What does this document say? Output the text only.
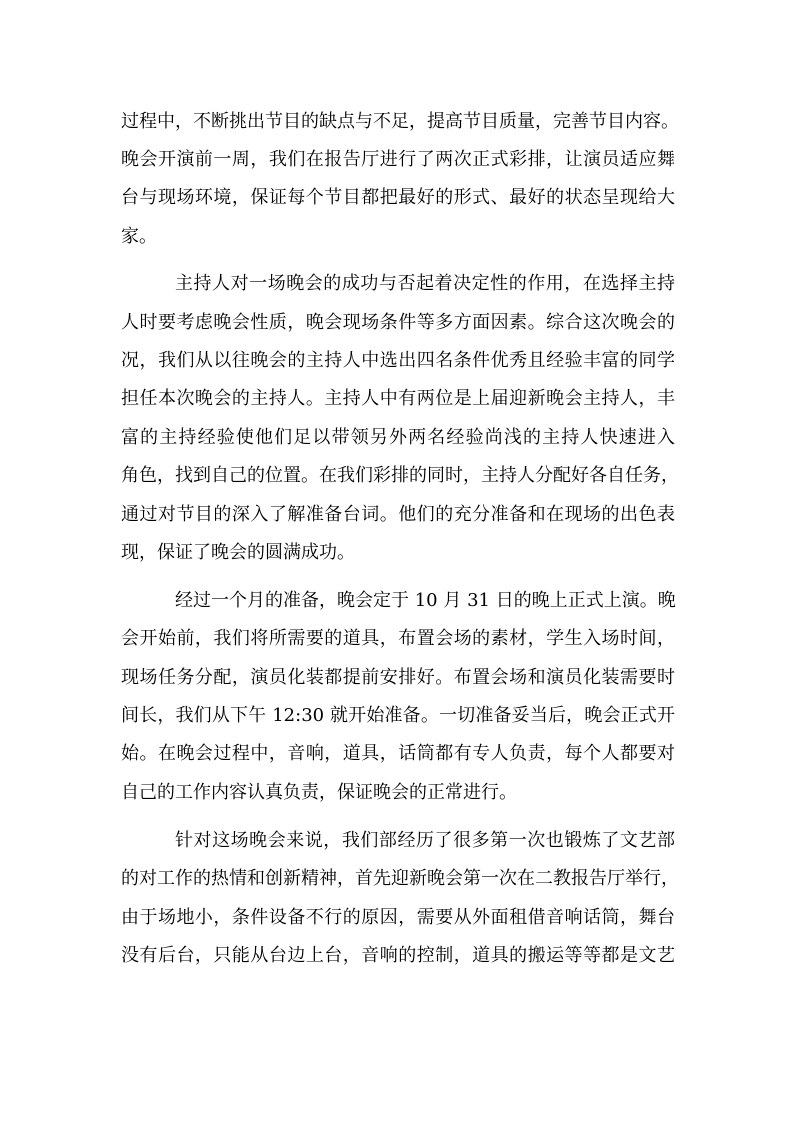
过程中，不断挑出节目的缺点与不足，提高节目质量，完善节目内容。
晚会开演前一周，我们在报告厅进行了两次正式彩排，让演员适应舞
台与现场环境，保证每个节目都把最好的形式、最好的状态呈现给大
家。
主持人对一场晚会的成功与否起着决定性的作用，在选择主持
人时要考虑晚会性质，晚会现场条件等多方面因素。综合这次晚会的
况，我们从以往晚会的主持人中选出四名条件优秀且经验丰富的同学
担任本次晚会的主持人。主持人中有两位是上届迎新晚会主持人，丰
富的主持经验使他们足以带领另外两名经验尚浅的主持人快速进入
角色，找到自己的位置。在我们彩排的同时，主持人分配好各自任务，
通过对节目的深入了解准备台词。他们的充分准备和在现场的出色表
现，保证了晚会的圆满成功。
经过一个月的准备，晚会定于 10 月 31 日的晚上正式上演。晚
会开始前，我们将所需要的道具，布置会场的素材，学生入场时间，
现场任务分配，演员化装都提前安排好。布置会场和演员化装需要时
间长，我们从下午 12:30 就开始准备。一切准备妥当后，晚会正式开
始。在晚会过程中，音响，道具，话筒都有专人负责，每个人都要对
自己的工作内容认真负责，保证晚会的正常进行。
针对这场晚会来说，我们部经历了很多第一次也锻炼了文艺部
的对工作的热情和创新精神，首先迎新晚会第一次在二教报告厅举行，
由于场地小，条件设备不行的原因，需要从外面租借音响话筒，舞台
没有后台，只能从台边上台，音响的控制，道具的搬运等等都是文艺
